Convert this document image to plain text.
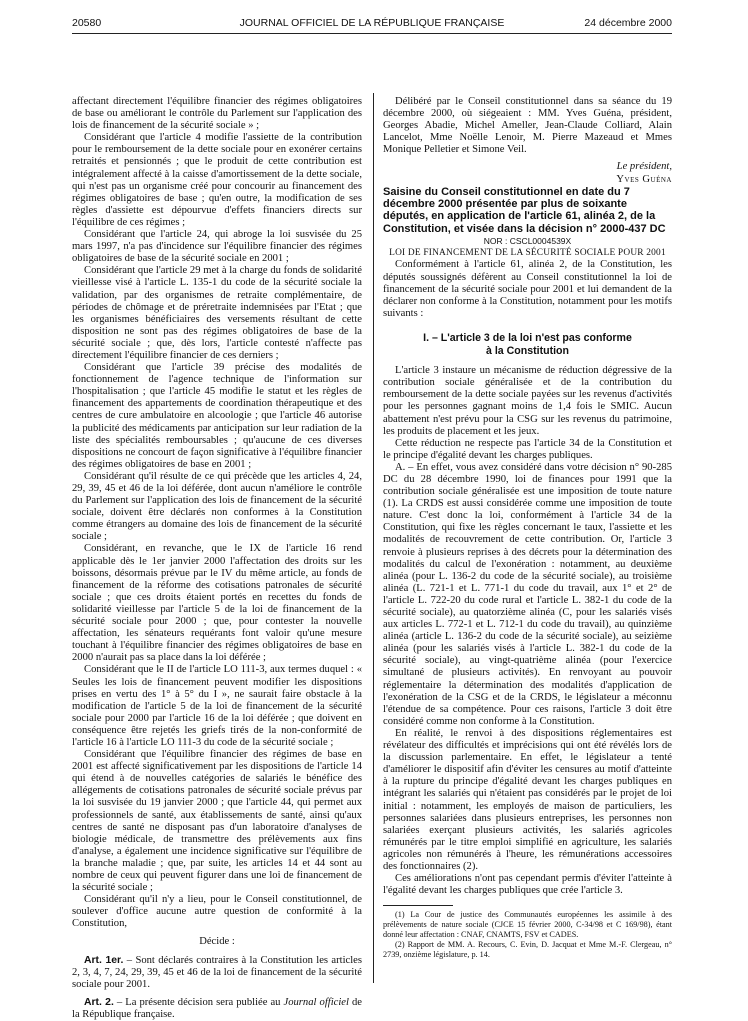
20580	JOURNAL OFFICIEL DE LA RÉPUBLIQUE FRANÇAISE	24 décembre 2000

affectant directement l'équilibre financier des régimes obligatoires de base ou améliorant le contrôle du Parlement sur l'application des lois de financement de la sécurité sociale » ;

Considérant que l'article 4 modifie l'assiette de la contribution pour le remboursement de la dette sociale pour en exonérer certains retraités et pensionnés ; que le produit de cette contribution est intégralement affecté à la caisse d'amortissement de la dette sociale, qui n'est pas un organisme créé pour concourir au financement des régimes obligatoires de base ; qu'en outre, la modification de ses règles d'assiette est dépourvue d'effets financiers directs sur l'équilibre de ces régimes ;

Considérant que l'article 24, qui abroge la loi susvisée du 25 mars 1997, n'a pas d'incidence sur l'équilibre financier des régimes obligatoires de base de la sécurité sociale en 2001 ;

Considérant que l'article 29 met à la charge du fonds de solidarité vieillesse visé à l'article L. 135-1 du code de la sécurité sociale la validation, par des organismes de retraite complémentaire, de périodes de chômage et de préretraite indemnisées par l'Etat ; que les organismes bénéficiaires des versements résultant de cette disposition ne sont pas des régimes obligatoires de base de la sécurité sociale ; que, dès lors, l'article contesté n'affecte pas directement l'équilibre financier de ces derniers ;

Considérant que l'article 39 précise des modalités de fonctionnement de l'agence technique de l'information sur l'hospitalisation ; que l'article 45 modifie le statut et les règles de financement des appartements de coordination thérapeutique et des centres de cure ambulatoire en alcoologie ; que l'article 46 autorise la publicité des médicaments par anticipation sur leur radiation de la liste des spécialités remboursables ; qu'aucune de ces diverses dispositions ne concourt de façon significative à l'équilibre financier des régimes obligatoires de base en 2001 ;

Considérant qu'il résulte de ce qui précède que les articles 4, 24, 29, 39, 45 et 46 de la loi déférée, dont aucun n'améliore le contrôle du Parlement sur l'application des lois de financement de la sécurité sociale, doivent être déclarés non conformes à la Constitution comme étrangers au domaine des lois de financement de la sécurité sociale ;

Considérant, en revanche, que le IX de l'article 16 rend applicable dès le 1er janvier 2000 l'affectation des droits sur les boissons, désormais prévue par le IV du même article, au fonds de financement de la réforme des cotisations patronales de sécurité sociale ; que ces droits étaient portés en recettes du fonds de solidarité vieillesse par l'article 5 de la loi de financement de la sécurité sociale pour 2000 ; que, pour contester la nouvelle affectation, les sénateurs requérants font valoir qu'une mesure touchant à l'équilibre financier des régimes obligatoires de base en 2000 n'aurait pas sa place dans la loi déférée ;

Considérant que le II de l'article LO 111-3, aux termes duquel : « Seules les lois de financement peuvent modifier les dispositions prises en vertu des 1° à 5° du I », ne saurait faire obstacle à la modification de l'article 5 de la loi de financement de la sécurité sociale pour 2000 par l'article 16 de la loi déférée ; que doivent en conséquence être rejetés les griefs tirés de la non-conformité de l'article 16 à l'article LO 111-3 du code de la sécurité sociale ;

Considérant que l'équilibre financier des régimes de base en 2001 est affecté significativement par les dispositions de l'article 14 qui étend à de nouvelles catégories de salariés le bénéfice des allégements de cotisations patronales de sécurité sociale prévus par la loi susvisée du 19 janvier 2000 ; que l'article 44, qui permet aux professionnels de santé, aux établissements de santé, ainsi qu'aux centres de santé ne disposant pas d'un laboratoire d'analyses de biologie médicale, de transmettre des prélèvements aux fins d'analyse, a également une incidence significative sur l'équilibre de la branche maladie ; que, par suite, les articles 14 et 44 sont au nombre de ceux qui peuvent figurer dans une loi de financement de la sécurité sociale ;

Considérant qu'il n'y a lieu, pour le Conseil constitutionnel, de soulever d'office aucune autre question de conformité à la Constitution,

Décide :

Art. 1er. – Sont déclarés contraires à la Constitution les articles 2, 3, 4, 7, 24, 29, 39, 45 et 46 de la loi de financement de la sécurité sociale pour 2001.

Art. 2. – La présente décision sera publiée au Journal officiel de la République française.

Délibéré par le Conseil constitutionnel dans sa séance du 19 décembre 2000, où siégeaient : MM. Yves Guéna, président, Georges Abadie, Michel Ameller, Jean-Claude Colliard, Alain Lancelot, Mme Noëlle Lenoir, M. Pierre Mazeaud et Mmes Monique Pelletier et Simone Veil.

Le président,

Yves Guéna

Saisine du Conseil constitutionnel en date du 7 décembre 2000 présentée par plus de soixante députés, en application de l'article 61, alinéa 2, de la Constitution, et visée dans la décision n° 2000-437 DC

NOR : CSCL0004539X

LOI DE FINANCEMENT DE LA SÉCURITÉ SOCIALE POUR 2001

Conformément à l'article 61, alinéa 2, de la Constitution, les députés soussignés défèrent au Conseil constitutionnel la loi de financement de la sécurité sociale pour 2001 et lui demandent de la déclarer non conforme à la Constitution, notamment pour les motifs suivants :

I. – L'article 3 de la loi n'est pas conforme
à la Constitution

L'article 3 instaure un mécanisme de réduction dégressive de la contribution sociale généralisée et de la contribution du remboursement de la dette sociale payées sur les revenus d'activités pour les personnes gagnant moins de 1,4 fois le SMIC. Aucun abattement n'est prévu pour la CSG sur les revenus du patrimoine, les produits de placement et les jeux.

Cette réduction ne respecte pas l'article 34 de la Constitution et le principe d'égalité devant les charges publiques.

A. – En effet, vous avez considéré dans votre décision n° 90-285 DC du 28 décembre 1990, loi de finances pour 1991 que la contribution sociale généralisée est une imposition de toute nature (1). La CRDS est aussi considérée comme une imposition de toute nature. C'est donc la loi, conformément à l'article 34 de la Constitution, qui fixe les règles concernant le taux, l'assiette et les modalités de recouvrement de cette contribution. Or, l'article 3 renvoie à plusieurs reprises à des décrets pour la détermination des modalités du calcul de l'exonération : notamment, au deuxième alinéa (pour L. 136-2 du code de la sécurité sociale), au troisième alinéa (L. 721-1 et L. 771-1 du code du travail, aux 1° et 2° de l'article L. 722-20 du code rural et l'article L. 382-1 du code de la sécurité sociale), au quatorzième alinéa (C, pour les salariés visés aux articles L. 772-1 et L. 712-1 du code du travail), au quinzième alinéa (article L. 136-2 du code de la sécurité sociale), au seizième alinéa (pour les salariés visés à l'article L. 382-1 du code de la sécurité sociale), au vingt-quatrième alinéa (pour l'exercice simultané de plusieurs activités). En renvoyant au pouvoir réglementaire la détermination des modalités d'application de l'exonération de la CSG et de la CRDS, le législateur a méconnu l'étendue de sa compétence. Pour ces raisons, l'article 3 doit être considéré comme non conforme à la Constitution.

En réalité, le renvoi à des dispositions réglementaires est révélateur des difficultés et imprécisions qui ont été révélés lors de la discussion parlementaire. En effet, le législateur a tenté d'améliorer le dispositif afin d'éviter les censures au motif d'atteinte à la rupture du principe d'égalité devant les charges publiques en intégrant les salariés qui n'étaient pas considérés par le projet de loi initial : notamment, les employés de maison de particuliers, les personnes salariées dans plusieurs entreprises, les personnes non salariées exerçant plusieurs activités, les salariés agricoles rémunérés par le titre emploi simplifié en agriculture, les salariés agricoles non rémunérés à l'heure, les rémunérations accessoires des fonctionnaires (2).

Ces améliorations n'ont pas cependant permis d'éviter l'atteinte à l'égalité devant les charges publiques que crée l'article 3.

(1) La Cour de justice des Communautés européennes les assimile à des prélèvements de nature sociale (CJCE 15 février 2000, C-34/98 et C 169/98), étant donné leur affectation : CNAF, CNAMTS, FSV et CADES.

(2) Rapport de MM. A. Recours, C. Evin, D. Jacquat et Mme M.-F. Clergeau, n° 2739, onzième législature, p. 14.
